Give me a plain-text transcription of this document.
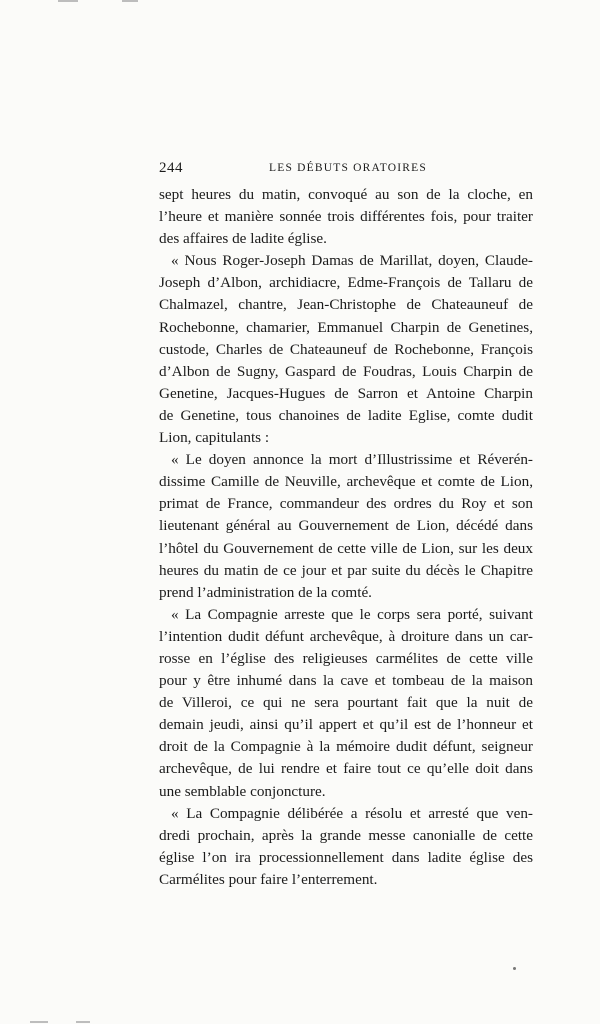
244	LES DÉBUTS ORATOIRES
sept heures du matin, convoqué au son de la cloche, en
l’heure et manière sonnée trois différentes fois, pour traiter
des affaires de ladite église.
« Nous Roger-Joseph Damas de Marillat, doyen, Claude-
Joseph d’Albon, archidiacre, Edme-François de Tallaru de
Chalmazel, chantre, Jean-Christophe de Chateauneuf de
Rochebonne, chamarier, Emmanuel Charpin de Genetines,
custode, Charles de Chateauneuf de Rochebonne, François
d’Albon de Sugny, Gaspard de Foudras, Louis Charpin de
Genetine, Jacques-Hugues de Sarron et Antoine Charpin
de Genetine, tous chanoines de ladite Eglise, comte dudit
Lion, capitulants :
« Le doyen annonce la mort d’Illustrissime et Réverén-
dissime Camille de Neuville, archevêque et comte de Lion,
primat de France, commandeur des ordres du Roy et son
lieutenant général au Gouvernement de Lion, décédé dans
l’hôtel du Gouvernement de cette ville de Lion, sur les deux
heures du matin de ce jour et par suite du décès le Chapitre
prend l’administration de la comté.
« La Compagnie arreste que le corps sera porté, suivant
l’intention dudit défunt archevêque, à droiture dans un car-
rosse en l’église des religieuses carmélites de cette ville
pour y être inhumé dans la cave et tombeau de la maison
de Villeroi, ce qui ne sera pourtant fait que la nuit de
demain jeudi, ainsi qu’il appert et qu’il est de l’honneur et
droit de la Compagnie à la mémoire dudit défunt, seigneur
archevêque, de lui rendre et faire tout ce qu’elle doit dans
une semblable conjoncture.
« La Compagnie délibérée a résolu et arresté que ven-
dredi prochain, après la grande messe canonialle de cette
église l’on ira processionnellement dans ladite église des
Carmélites pour faire l’enterrement.
